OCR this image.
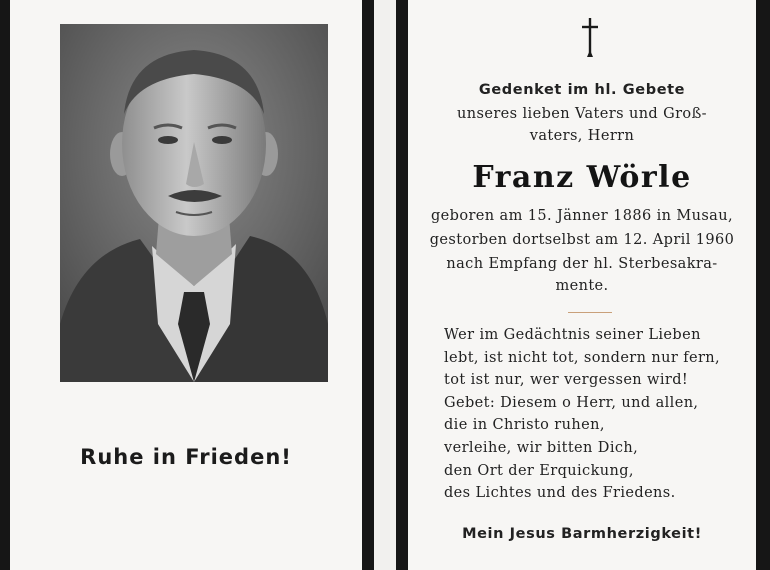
Ruhe in Frieden!
Gedenket im hl. Gebete
unseres lieben Vaters und Groß-
vaters, Herrn
Franz Wörle
geboren am 15. Jänner 1886 in Musau,
gestorben dortselbst am 12. April 1960
nach Empfang der hl. Sterbesakra-
mente.
Wer im Gedächtnis seiner Lieben
lebt, ist nicht tot, sondern nur fern,
tot ist nur, wer vergessen wird!
Gebet: Diesem o Herr, und allen,
die in Christo ruhen,
verleihe, wir bitten Dich,
den Ort der Erquickung,
des Lichtes und des Friedens.
Mein Jesus Barmherzigkeit!
